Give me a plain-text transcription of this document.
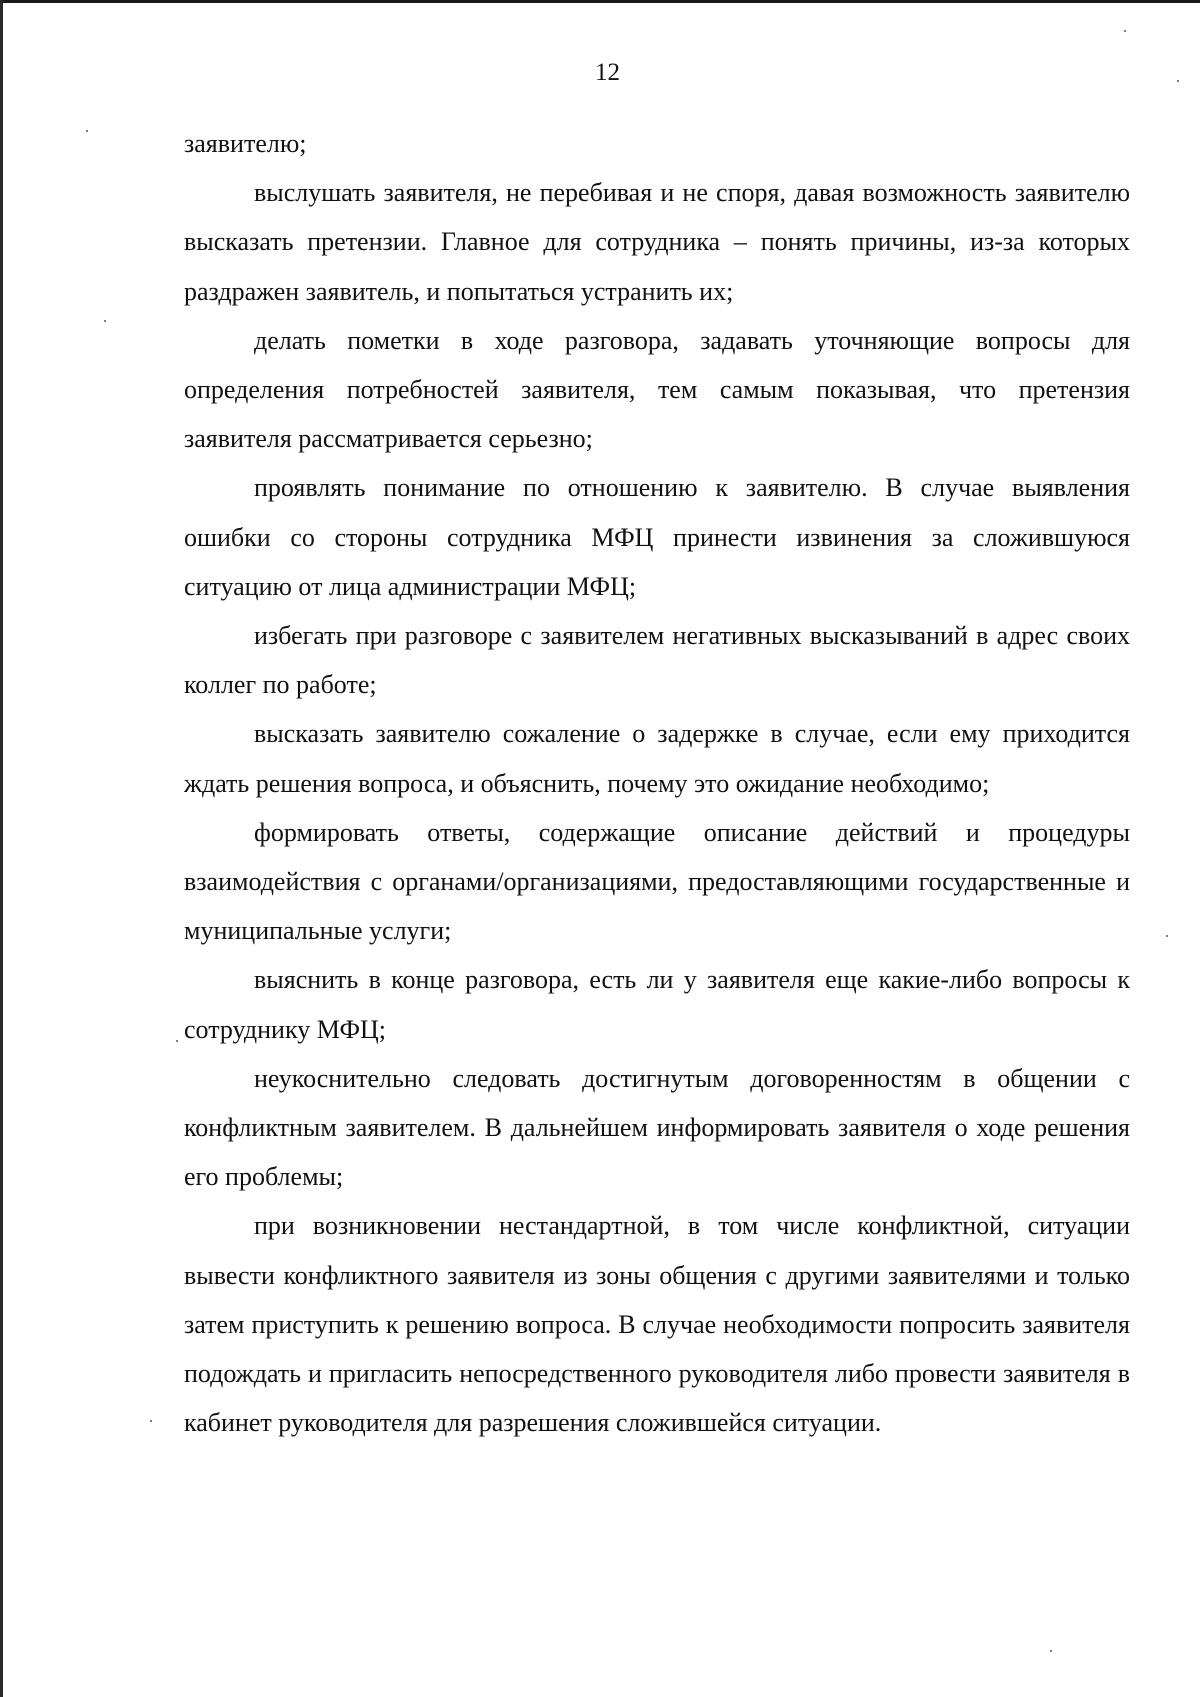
12

заявителю;

выслушать заявителя, не перебивая и не споря, давая возможность заявителю высказать претензии. Главное для сотрудника – понять причины, из-за которых раздражен заявитель, и попытаться устранить их;

делать пометки в ходе разговора, задавать уточняющие вопросы для определения потребностей заявителя, тем самым показывая, что претензия заявителя рассматривается серьезно;

проявлять понимание по отношению к заявителю. В случае выявления ошибки со стороны сотрудника МФЦ принести извинения за сложившуюся ситуацию от лица администрации МФЦ;

избегать при разговоре с заявителем негативных высказываний в адрес своих коллег по работе;

высказать заявителю сожаление о задержке в случае, если ему приходится ждать решения вопроса, и объяснить, почему это ожидание необходимо;

формировать ответы, содержащие описание действий и процедуры взаимодействия с органами/организациями, предоставляющими государственные и муниципальные услуги;

выяснить в конце разговора, есть ли у заявителя еще какие-либо вопросы к сотруднику МФЦ;

неукоснительно следовать достигнутым договоренностям в общении с конфликтным заявителем. В дальнейшем информировать заявителя о ходе решения его проблемы;

при возникновении нестандартной, в том числе конфликтной, ситуации вывести конфликтного заявителя из зоны общения с другими заявителями и только затем приступить к решению вопроса. В случае необходимости попросить заявителя подождать и пригласить непосредственного руководителя либо провести заявителя в кабинет руководителя для разрешения сложившейся ситуации.
